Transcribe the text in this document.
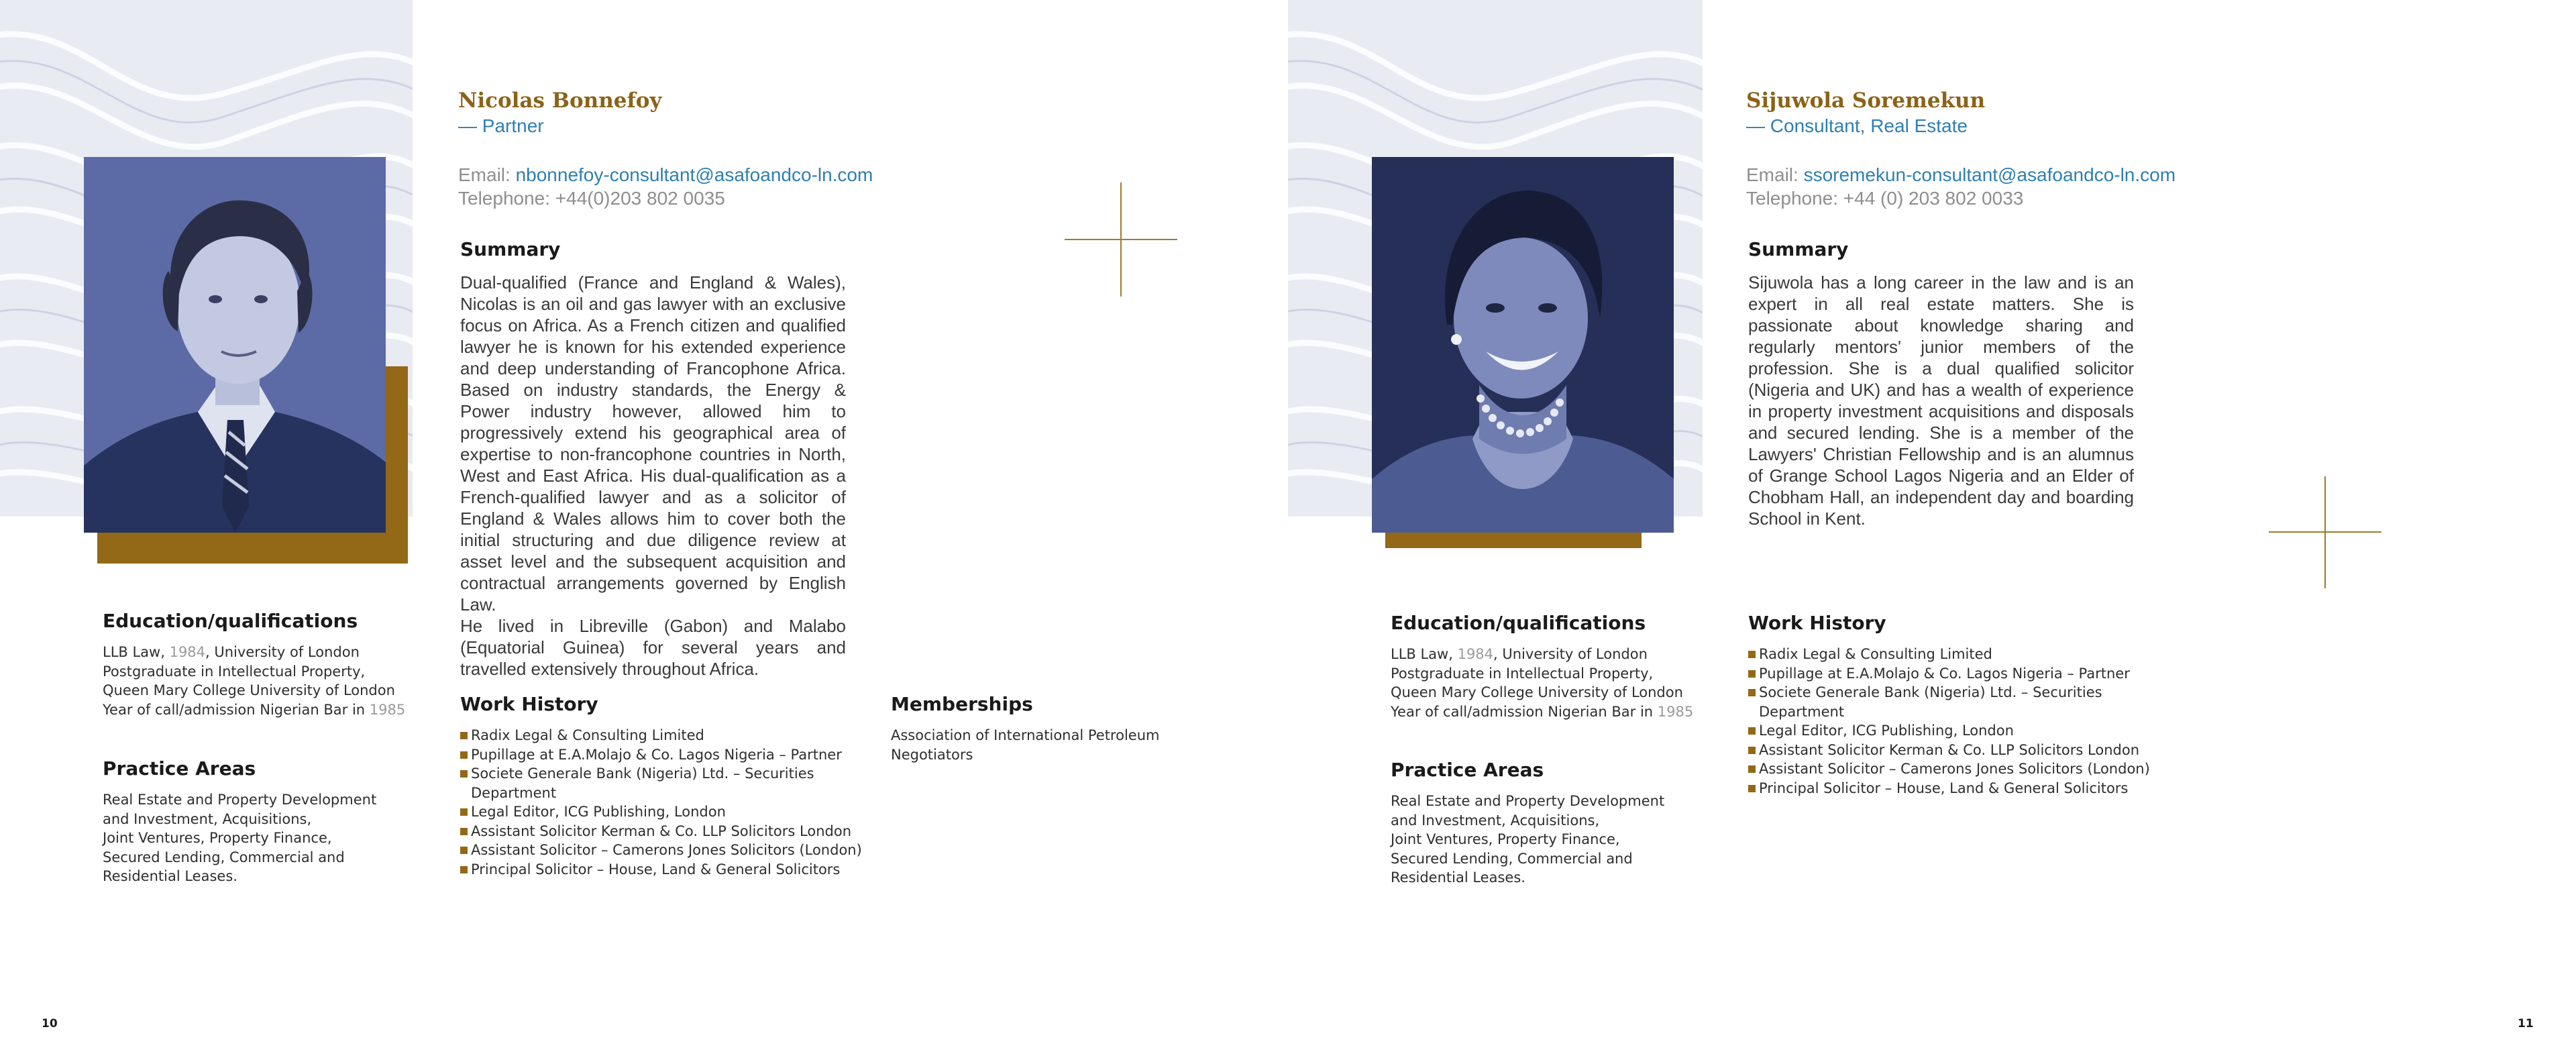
Nicolas Bonnefoy
— Partner
Email: nbonnefoy-consultant@asafoandco-ln.com
Telephone: +44(0)203 802 0035
Summary
Dual-qualified (France and England & Wales), Nicolas is an oil and gas lawyer with an exclusive focus on Africa. As a French citizen and qualified lawyer he is known for his extended experience and deep understanding of Francophone Africa. Based on industry standards, the Energy & Power industry however, allowed him to progressively extend his geographical area of expertise to non-francophone countries in North, West and East Africa. His dual-qualification as a French-qualified lawyer and as a solicitor of England & Wales allows him to cover both the initial structuring and due diligence review at asset level and the subsequent acquisition and contractual arrangements governed by English Law.
He lived in Libreville (Gabon) and Malabo (Equatorial Guinea) for several years and travelled extensively throughout Africa.
Education/qualifications
LLB Law, 1984, University of London
Postgraduate in Intellectual Property,
Queen Mary College University of London
Year of call/admission Nigerian Bar in 1985
Practice Areas
Real Estate and Property Development
and Investment, Acquisitions,
Joint Ventures, Property Finance,
Secured Lending, Commercial and
Residential Leases.
Work History
Radix Legal & Consulting Limited
Pupillage at E.A.Molajo & Co. Lagos Nigeria – Partner
Societe Generale Bank (Nigeria) Ltd. – Securities Department
Legal Editor, ICG Publishing, London
Assistant Solicitor Kerman & Co. LLP Solicitors London
Assistant Solicitor – Camerons Jones Solicitors (London)
Principal Solicitor – House, Land & General Solicitors
Memberships
Association of International Petroleum
Negotiators
10
Sijuwola Soremekun
— Consultant, Real Estate
Email: ssoremekun-consultant@asafoandco-ln.com
Telephone: +44 (0) 203 802 0033
Summary
Sijuwola has a long career in the law and is an expert in all real estate matters. She is passionate about knowledge sharing and regularly mentors' junior members of the profession. She is a dual qualified solicitor (Nigeria and UK) and has a wealth of experience in property investment acquisitions and disposals and secured lending. She is a member of the Lawyers' Christian Fellowship and is an alumnus of Grange School Lagos Nigeria and an Elder of Chobham Hall, an independent day and boarding School in Kent.
Education/qualifications
LLB Law, 1984, University of London
Postgraduate in Intellectual Property,
Queen Mary College University of London
Year of call/admission Nigerian Bar in 1985
Practice Areas
Real Estate and Property Development
and Investment, Acquisitions,
Joint Ventures, Property Finance,
Secured Lending, Commercial and
Residential Leases.
Work History
Radix Legal & Consulting Limited
Pupillage at E.A.Molajo & Co. Lagos Nigeria – Partner
Societe Generale Bank (Nigeria) Ltd. – Securities Department
Legal Editor, ICG Publishing, London
Assistant Solicitor Kerman & Co. LLP Solicitors London
Assistant Solicitor – Camerons Jones Solicitors (London)
Principal Solicitor – House, Land & General Solicitors
11
